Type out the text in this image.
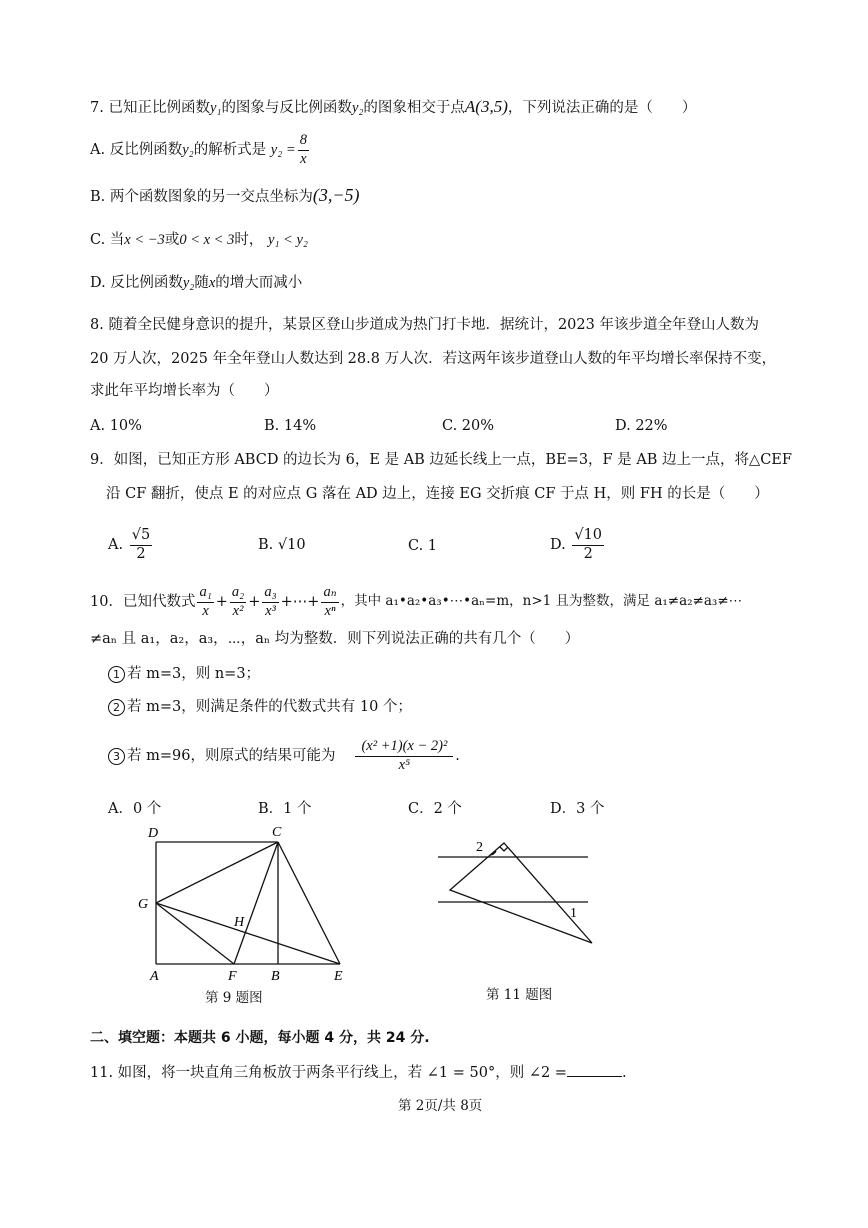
7. 已知正比例函数y₁的图象与反比例函数y₂的图象相交于点A(3,5)，下列说法正确的是（　　）
A. 反比例函数 y₂ 的解析式是
$y_2 = \frac{8}{x}$
B. 两个函数图象的另一交点坐标为(3,−5)
C. 当x < −3或0 < x < 3时， y₁ < y₂
D. 反比例函数y₂随x的增大而减小
8. 随着全民健身意识的提升，某景区登山步道成为热门打卡地．据统计，2023 年该步道全年登山人数为
20 万人次，2025 年全年登山人数达到 28.8 万人次．若这两年该步道登山人数的年平均增长率保持不变，
求此年平均增长率为（　　）
A. 10%	B. 14%	C. 20%	D. 22%
9．如图，已知正方形 ABCD 的边长为 6，E 是 AB 边延长线上一点，BE=3，F 是 AB 边上一点，将△CEF
沿 CF 翻折，使点 E 的对应点 G 落在 AD 边上，连接 EG 交折痕 CF 于点 H，则 FH 的长是（　　）
A.
$\frac{√5}{2}$	B. √10	C. 1	D.
$\frac{√10}{2}$
10．已知代数式 $\frac{\text{a₁}}{x} + \frac{\text{a₂}}{\text{x²}} + \frac{\text{a₃}}{\text{x³}}$ +⋯+ $\frac{\text{aₙ}}{\text{xⁿ}}$ ，其中 a₁•a₂•a₃•⋯•aₙ=m，n>1 且为整数，满足 a₁≠a₂≠a₃≠⋯
≠aₙ 且 a₁，a₂，a₃，⋯，aₙ 均为整数．则下列说法正确的共有几个（　　）
1 若 m=3，则 n=3；
2 若 m=3，则满足条件的代数式共有 10 个；
3 若 m=96，则原式的结果可能为 $\frac{\text{(x² +1)(x − 2)²}}{\text{x⁵}}$ .
A．0 个	B．1 个	C．2 个	D．3 个
D	C
G
H
A	F B	E
第 9 题图
2
1
第 11 题图
二、填空题：本题共 6 小题，每小题 4 分，共 24 分.
11. 如图，将一块直角三角板放于两条平行线上，若 ∠1 = 50°，则 ∠2 =	.
第 2页/共 8页
